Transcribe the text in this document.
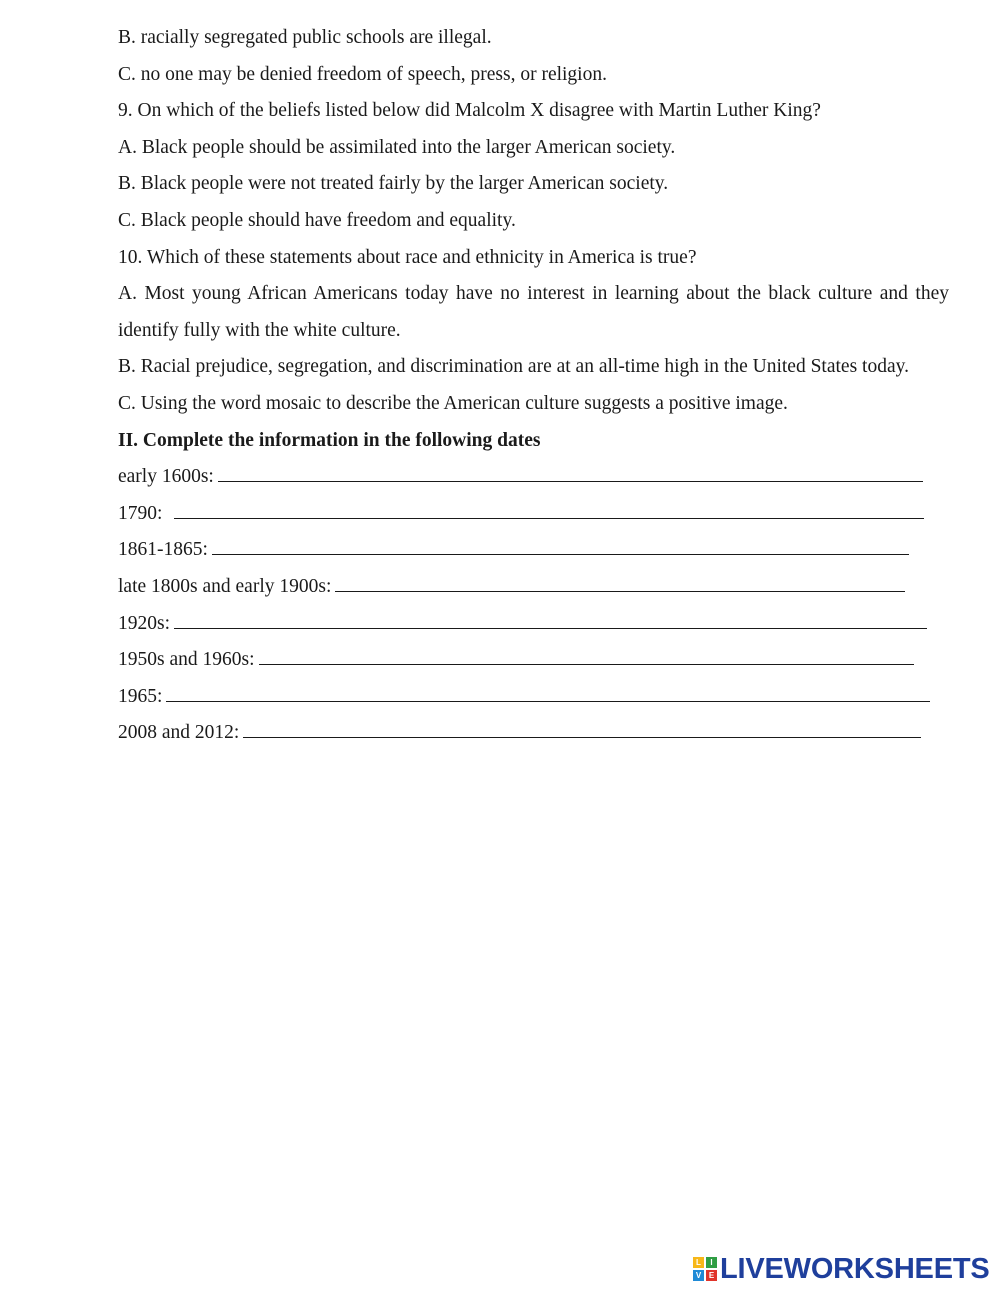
B. racially segregated public schools are illegal.

C. no one may be denied freedom of speech, press, or religion.

9. On which of the beliefs listed below did Malcolm X disagree with Martin Luther King?

A. Black people should be assimilated into the larger American society.

B. Black people were not treated fairly by the larger American society.

C. Black people should have freedom and equality.

10. Which of these statements about race and ethnicity in America is true?

A. Most young African Americans today have no interest in learning about the black culture and they identify fully with the white culture.

B. Racial prejudice, segregation, and discrimination are at an all-time high in the United States today.

C. Using the word mosaic to describe the American culture suggests a positive image.

II. Complete the information in the following dates

early 1600s:
1790:
1861-1865:
late 1800s and early 1900s:
1920s:
1950s and 1960s:
1965:
2008 and 2012:
L	I
V E LIVEWORKSHEETS
